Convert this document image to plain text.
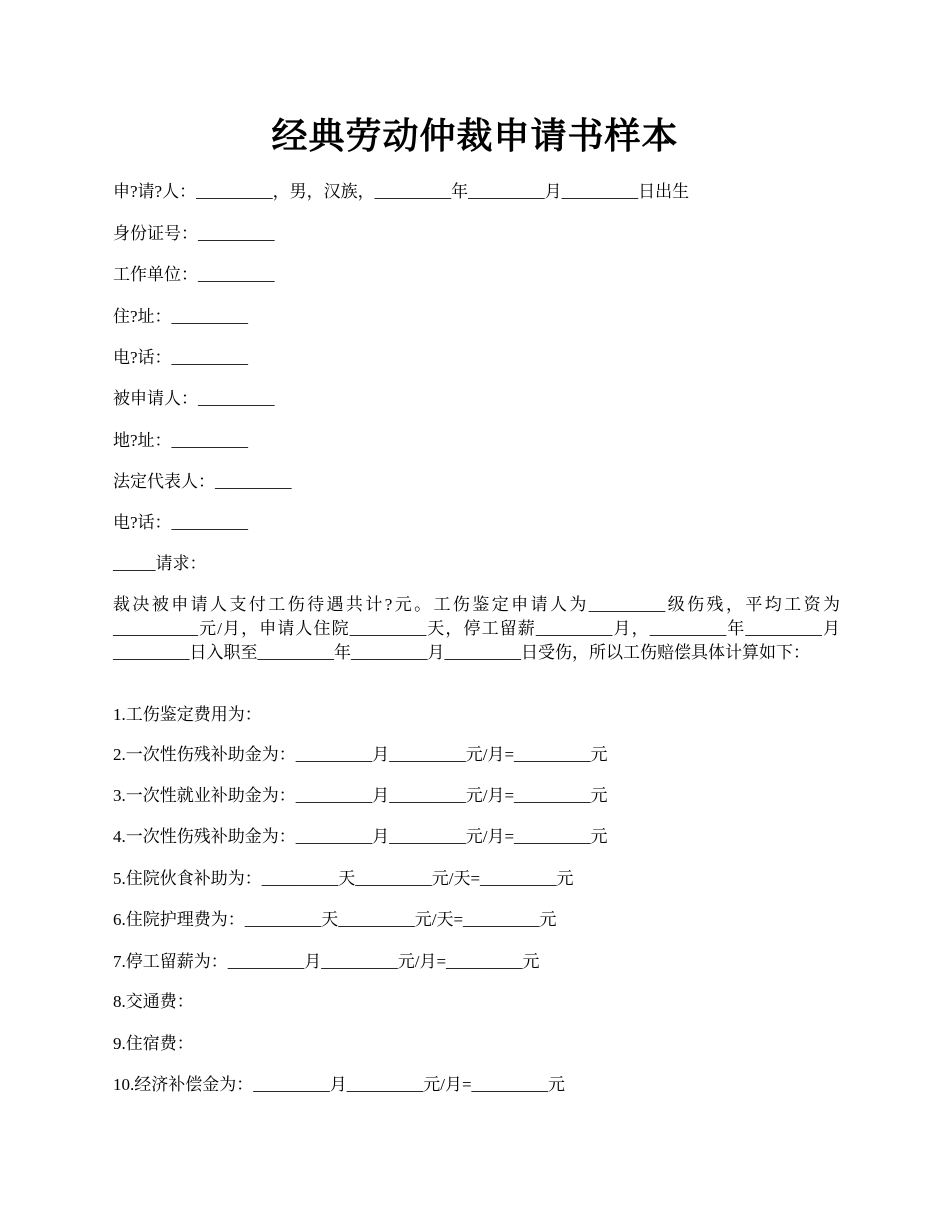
经典劳动仲裁申请书样本
申?请?人：_________，男，汉族，_________年_________月_________日出生
身份证号：_________
工作单位：_________
住?址：_________
电?话：_________
被申请人：_________
地?址：_________
法定代表人：_________
电?话：_________
_____请求：
裁决被申请人支付工伤待遇共计?元。工伤鉴定申请人为_________级伤残，平均工资为__________元/月，申请人住院_________天，停工留薪_________月，_________年_________月_________日入职至_________年_________月_________日受伤，所以工伤赔偿具体计算如下：
1.工伤鉴定费用为：
2.一次性伤残补助金为：_________月_________元/月=_________元
3.一次性就业补助金为：_________月_________元/月=_________元
4.一次性伤残补助金为：_________月_________元/月=_________元
5.住院伙食补助为：_________天_________元/天=_________元
6.住院护理费为：_________天_________元/天=_________元
7.停工留薪为：_________月_________元/月=_________元
8.交通费：
9.住宿费：
10.经济补偿金为：_________月_________元/月=_________元
